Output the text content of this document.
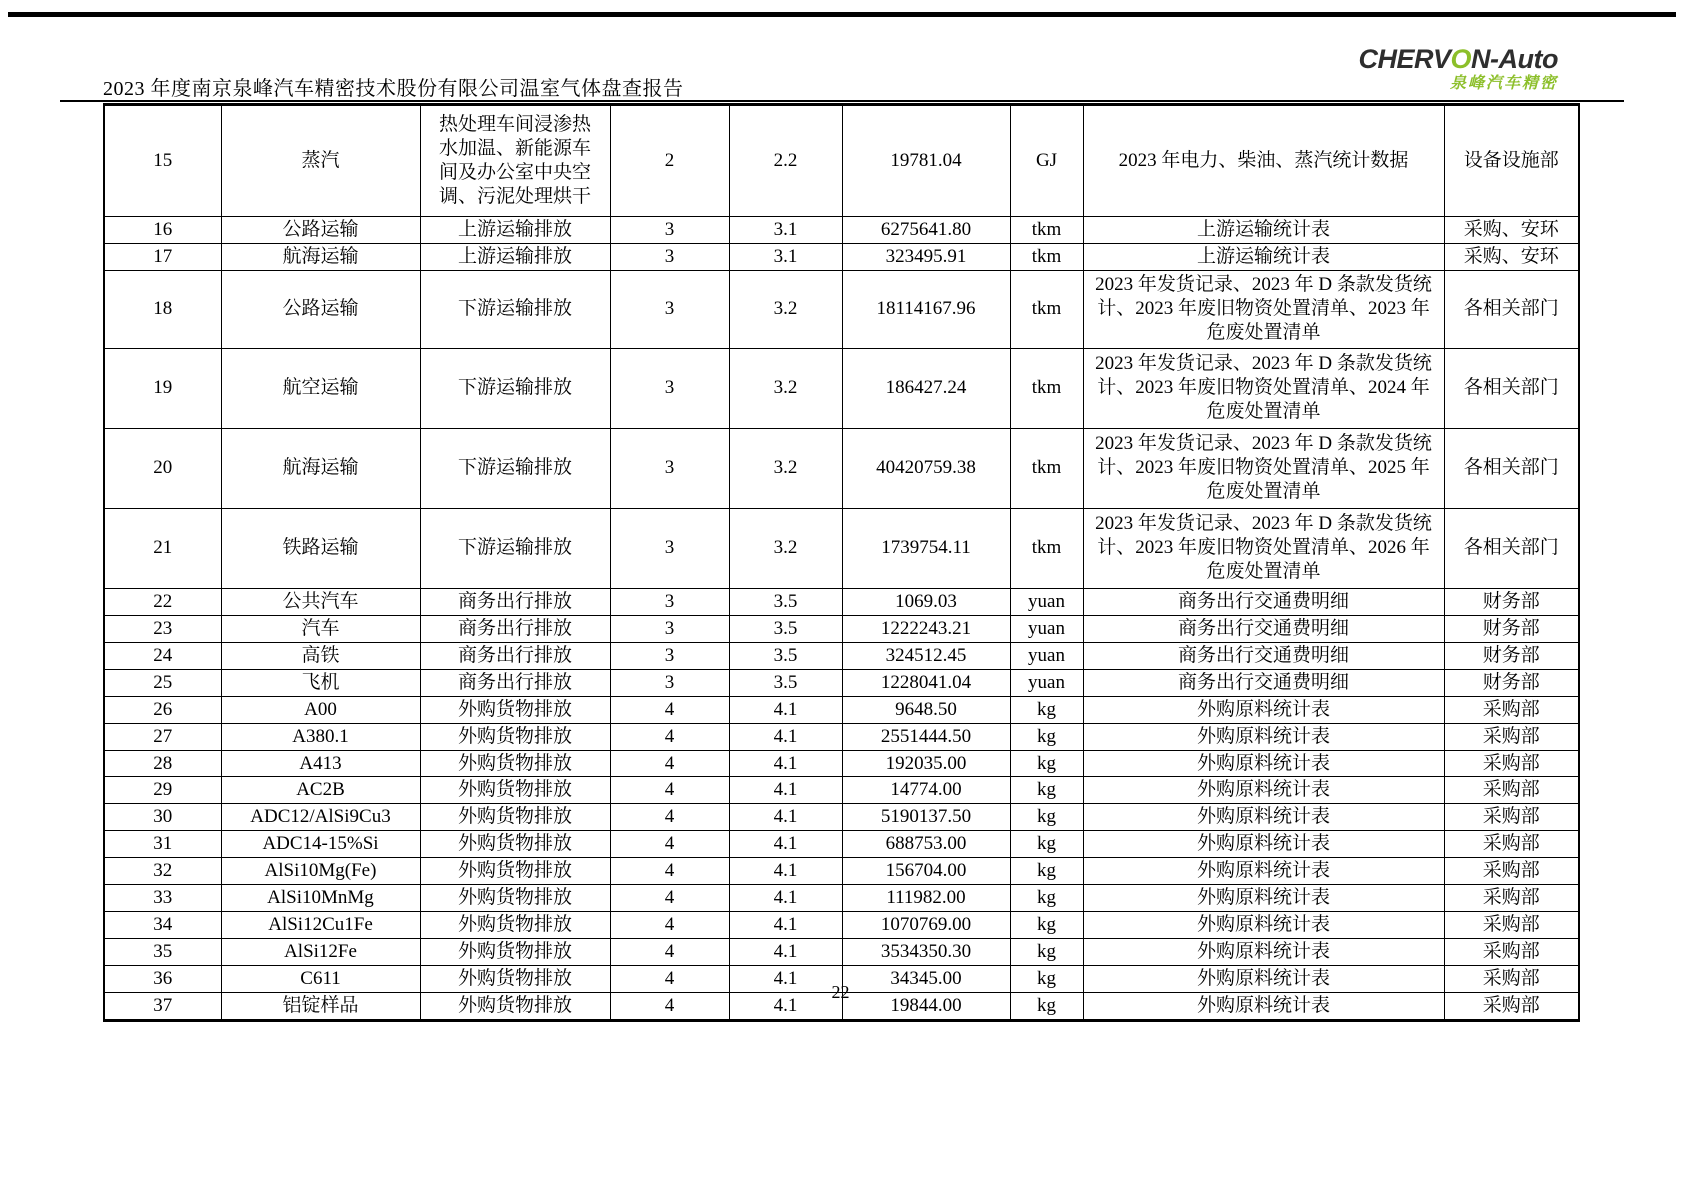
2023 年度南京泉峰汽车精密技术股份有限公司温室气体盘查报告
CHERVON-Auto
泉峰汽车精密
15	蒸汽	热处理车间浸渗热水加温、新能源车间及办公室中央空调、污泥处理烘干	2	2.2	19781.04	GJ	2023 年电力、柴油、蒸汽统计数据	设备设施部
16	公路运输	上游运输排放	3	3.1	6275641.80	tkm	上游运输统计表	采购、安环
17	航海运输	上游运输排放	3	3.1	323495.91	tkm	上游运输统计表	采购、安环
18	公路运输	下游运输排放	3	3.2	18114167.96	tkm	2023 年发货记录、2023 年 D 条款发货统计、2023 年废旧物资处置清单、2023 年危废处置清单	各相关部门
19	航空运输	下游运输排放	3	3.2	186427.24	tkm	2023 年发货记录、2023 年 D 条款发货统计、2023 年废旧物资处置清单、2024 年危废处置清单	各相关部门
20	航海运输	下游运输排放	3	3.2	40420759.38	tkm	2023 年发货记录、2023 年 D 条款发货统计、2023 年废旧物资处置清单、2025 年危废处置清单	各相关部门
21	铁路运输	下游运输排放	3	3.2	1739754.11	tkm	2023 年发货记录、2023 年 D 条款发货统计、2023 年废旧物资处置清单、2026 年危废处置清单	各相关部门
22	公共汽车	商务出行排放	3	3.5	1069.03	yuan	商务出行交通费明细	财务部
23	汽车	商务出行排放	3	3.5	1222243.21	yuan	商务出行交通费明细	财务部
24	高铁	商务出行排放	3	3.5	324512.45	yuan	商务出行交通费明细	财务部
25	飞机	商务出行排放	3	3.5	1228041.04	yuan	商务出行交通费明细	财务部
26	A00	外购货物排放	4	4.1	9648.50	kg	外购原料统计表	采购部
27	A380.1	外购货物排放	4	4.1	2551444.50	kg	外购原料统计表	采购部
28	A413	外购货物排放	4	4.1	192035.00	kg	外购原料统计表	采购部
29	AC2B	外购货物排放	4	4.1	14774.00	kg	外购原料统计表	采购部
30	ADC12/AlSi9Cu3	外购货物排放	4	4.1	5190137.50	kg	外购原料统计表	采购部
31	ADC14-15%Si	外购货物排放	4	4.1	688753.00	kg	外购原料统计表	采购部
32	AlSi10Mg(Fe)	外购货物排放	4	4.1	156704.00	kg	外购原料统计表	采购部
33	AlSi10MnMg	外购货物排放	4	4.1	111982.00	kg	外购原料统计表	采购部
34	AlSi12Cu1Fe	外购货物排放	4	4.1	1070769.00	kg	外购原料统计表	采购部
35	AlSi12Fe	外购货物排放	4	4.1	3534350.30	kg	外购原料统计表	采购部
36	C611	外购货物排放	4	4.1	34345.00	kg	外购原料统计表	采购部
37	铝锭样品	外购货物排放	4	4.1	19844.00	kg	外购原料统计表	采购部
22
